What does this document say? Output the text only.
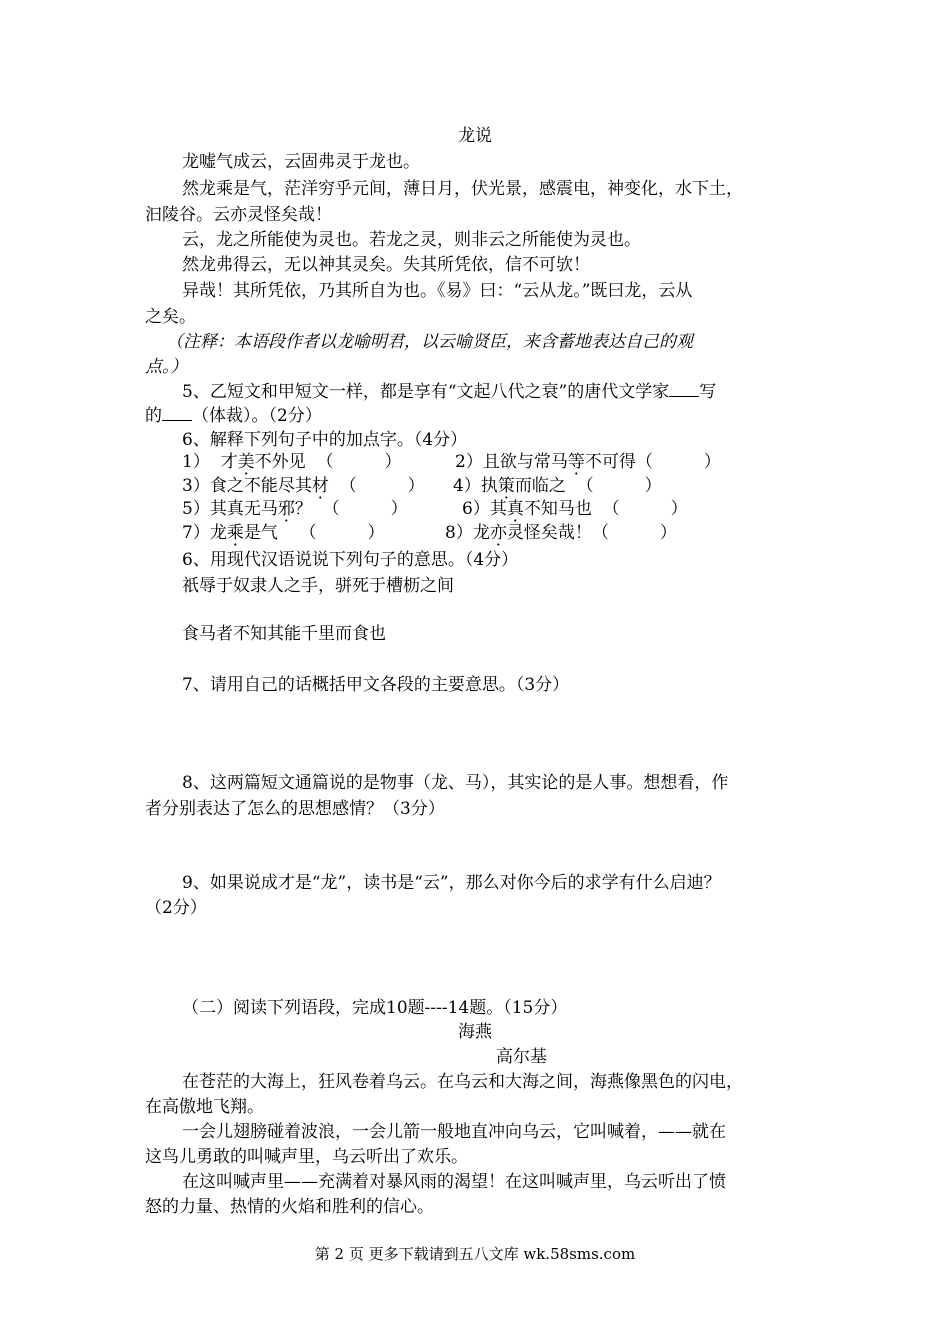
龙说
龙嘘气成云，云固弗灵于龙也。
然龙乘是气，茫洋穷乎元间，薄日月，伏光景，感震电，神变化，水下土，
汩陵谷。云亦灵怪矣哉！
云，龙之所能使为灵也。若龙之灵，则非云之所能使为灵也。
然龙弗得云，无以神其灵矣。失其所凭依，信不可欤！
异哉！其所凭依，乃其所自为也。《易》曰：“云从龙。”既曰龙，云从
之矣。
（注释：本语段作者以龙喻明君，以云喻贤臣，来含蓄地表达自己的观
点。）
5、乙短文和甲短文一样，都是享有“文起八代之衰”的唐代文学家 写
的 （体裁）。（2分）
6、解释下列句子中的加点字。（4分）
1） 才美不外见 （　　　）	2）且欲与常马等不可得（　　　）
3）食之不能尽其材 （　　　） 4）执策而临之 （　　　）
5）其真无马邪？ （　　　）	6）其真不知马也 （　　　）
7）龙乘是气 （　　　）	8）龙亦灵怪矣哉！（　　　）
6、用现代汉语说说下列句子的意思。（4分）
祇辱于奴隶人之手，骈死于槽枥之间
食马者不知其能千里而食也
7、请用自己的话概括甲文各段的主要意思。（3分）
8、这两篇短文通篇说的是物事（龙、马），其实论的是人事。想想看，作
者分别表达了怎么的思想感情？（3分）
9、如果说成才是“龙”，读书是“云”，那么对你今后的求学有什么启迪？
（2分）
（二）阅读下列语段，完成10题----14题。（15分）
海燕
高尔基
在苍茫的大海上，狂风卷着乌云。在乌云和大海之间，海燕像黑色的闪电，
在高傲地飞翔。
一会儿翅膀碰着波浪，一会儿箭一般地直冲向乌云，它叫喊着，——就在
这鸟儿勇敢的叫喊声里，乌云听出了欢乐。
在这叫喊声里——充满着对暴风雨的渴望！在这叫喊声里，乌云听出了愤
怒的力量、热情的火焰和胜利的信心。
第 2 页 更多下载请到五八文库 wk.58sms.com
